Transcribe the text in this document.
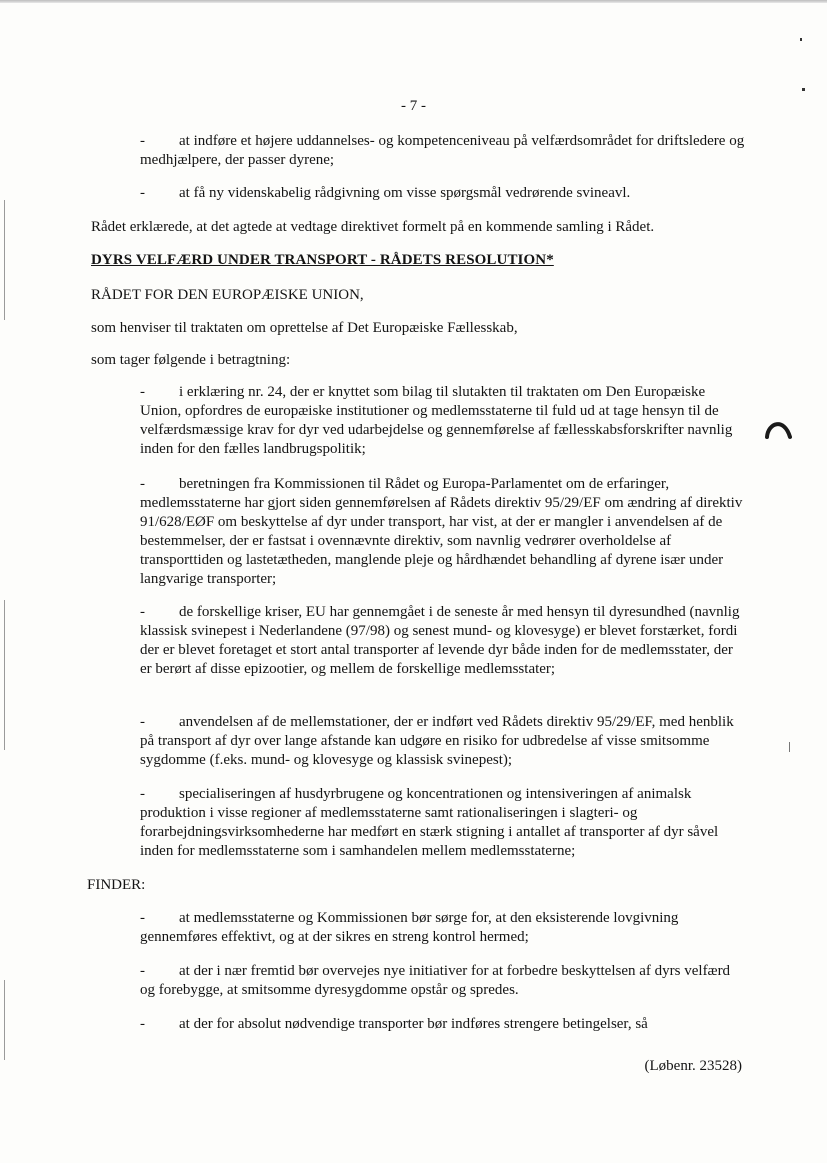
- 7 -
- at indføre et højere uddannelses- og kompetenceniveau på velfærdsområdet for driftsledere og medhjælpere, der passer dyrene;
- at få ny videnskabelig rådgivning om visse spørgsmål vedrørende svineavl.
Rådet erklærede, at det agtede at vedtage direktivet formelt på en kommende samling i Rådet.
DYRS VELFÆRD UNDER TRANSPORT - RÅDETS RESOLUTION*
RÅDET FOR DEN EUROPÆISKE UNION,
som henviser til traktaten om oprettelse af Det Europæiske Fællesskab,
som tager følgende i betragtning:
- i erklæring nr. 24, der er knyttet som bilag til slutakten til traktaten om Den Europæiske Union, opfordres de europæiske institutioner og medlemsstaterne til fuld ud at tage hensyn til de velfærdsmæssige krav for dyr ved udarbejdelse og gennemførelse af fællesskabsforskrifter navnlig inden for den fælles landbrugspolitik;
- beretningen fra Kommissionen til Rådet og Europa-Parlamentet om de erfaringer, medlemsstaterne har gjort siden gennemførelsen af Rådets direktiv 95/29/EF om ændring af direktiv 91/628/EØF om beskyttelse af dyr under transport, har vist, at der er mangler i anvendelsen af de bestemmelser, der er fastsat i ovennævnte direktiv, som navnlig vedrører overholdelse af transporttiden og lastetætheden, manglende pleje og hårdhændet behandling af dyrene især under langvarige transporter;
- de forskellige kriser, EU har gennemgået i de seneste år med hensyn til dyresundhed (navnlig klassisk svinepest i Nederlandene (97/98) og senest mund- og klovesyge) er blevet forstærket, fordi der er blevet foretaget et stort antal transporter af levende dyr både inden for de medlemsstater, der er berørt af disse epizootier, og mellem de forskellige medlemsstater;
- anvendelsen af de mellemstationer, der er indført ved Rådets direktiv 95/29/EF, med henblik på transport af dyr over lange afstande kan udgøre en risiko for udbredelse af visse smitsomme sygdomme (f.eks. mund- og klovesyge og klassisk svinepest);
- specialiseringen af husdyrbrugene og koncentrationen og intensiveringen af animalsk produktion i visse regioner af medlemsstaterne samt rationaliseringen i slagteri- og forarbejdningsvirksomhederne har medført en stærk stigning i antallet af transporter af dyr såvel inden for medlemsstaterne som i samhandelen mellem medlemsstaterne;
FINDER:
- at medlemsstaterne og Kommissionen bør sørge for, at den eksisterende lovgivning gennemføres effektivt, og at der sikres en streng kontrol hermed;
- at der i nær fremtid bør overvejes nye initiativer for at forbedre beskyttelsen af dyrs velfærd og forebygge, at smitsomme dyresygdomme opstår og spredes.
- at der for absolut nødvendige transporter bør indføres strengere betingelser, så
(Løbenr. 23528)
